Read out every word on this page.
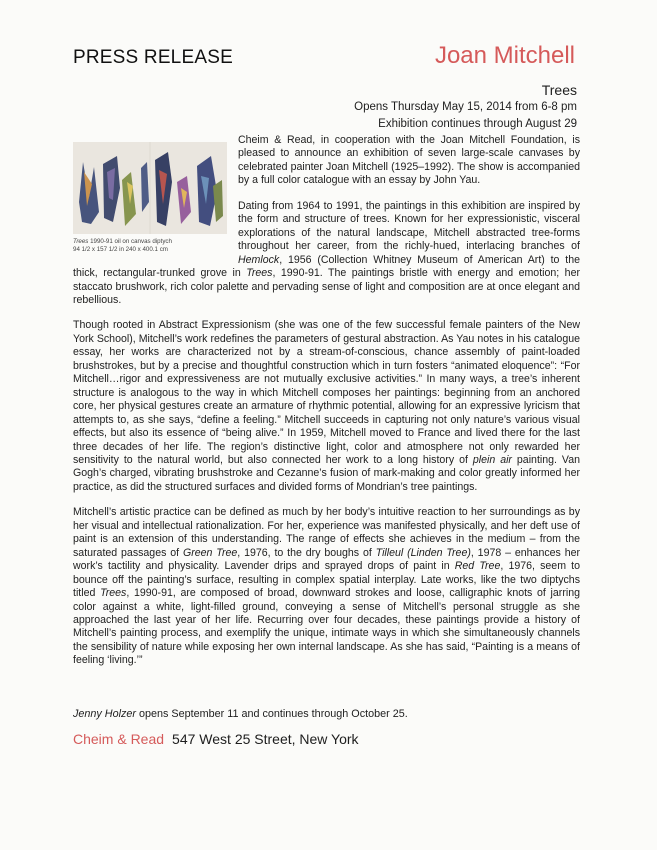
PRESS RELEASE	Joan Mitchell
Trees
Opens Thursday May 15, 2014 from 6-8 pm
Exhibition continues through August 29
Trees 1990-91 oil on canvas diptych
94 1/2 x 157 1/2 in 240 x 400.1 cm

Cheim & Read, in cooperation with the Joan Mitchell Foundation, is pleased to announce an exhibition of seven large-scale canvases by celebrated painter Joan Mitchell (1925–1992). The show is accompanied by a full color catalogue with an essay by John Yau.

Dating from 1964 to 1991, the paintings in this exhibition are inspired by the form and structure of trees. Known for her expressionistic, visceral explorations of the natural landscape, Mitchell abstracted tree-forms throughout her career, from the richly-hued, interlacing branches of Hemlock, 1956 (Collection Whitney Museum of American Art) to the thick, rectangular-trunked grove in Trees, 1990-91. The paintings bristle with energy and emotion; her staccato brushwork, rich color palette and pervading sense of light and composition are at once elegant and rebellious.

Though rooted in Abstract Expressionism (she was one of the few successful female painters of the New York School), Mitchell’s work redefines the parameters of gestural abstraction. As Yau notes in his catalogue essay, her works are characterized not by a stream-of-conscious, chance assembly of paint-loaded brushstrokes, but by a precise and thoughtful construction which in turn fosters “animated eloquence”: “For Mitchell…rigor and expressiveness are not mutually exclusive activities.” In many ways, a tree’s inherent structure is analogous to the way in which Mitchell composes her paintings: beginning from an anchored core, her physical gestures create an armature of rhythmic potential, allowing for an expressive lyricism that attempts to, as she says, “define a feeling.” Mitchell succeeds in capturing not only nature’s various visual effects, but also its essence of “being alive.” In 1959, Mitchell moved to France and lived there for the last three decades of her life. The region’s distinctive light, color and atmosphere not only rewarded her sensitivity to the natural world, but also connected her work to a long history of plein air painting. Van Gogh’s charged, vibrating brushstroke and Cezanne’s fusion of mark-making and color greatly informed her practice, as did the structured surfaces and divided forms of Mondrian’s tree paintings.

Mitchell’s artistic practice can be defined as much by her body’s intuitive reaction to her surroundings as by her visual and intellectual rationalization. For her, experience was manifested physically, and her deft use of paint is an extension of this understanding. The range of effects she achieves in the medium – from the saturated passages of Green Tree, 1976, to the dry boughs of Tilleul (Linden Tree), 1978 – enhances her work’s tactility and physicality. Lavender drips and sprayed drops of paint in Red Tree, 1976, seem to bounce off the painting’s surface, resulting in complex spatial interplay. Late works, like the two diptychs titled Trees, 1990-91, are composed of broad, downward strokes and loose, calligraphic knots of jarring color against a white, light-filled ground, conveying a sense of Mitchell’s personal struggle as she approached the last year of her life. Recurring over four decades, these paintings provide a history of Mitchell’s painting process, and exemplify the unique, intimate ways in which she simultaneously channels the sensibility of nature while exposing her own internal landscape. As she has said, “Painting is a means of feeling ‘living.’”

Jenny Holzer opens September 11 and continues through October 25.
Cheim & Read 547 West 25 Street, New York
